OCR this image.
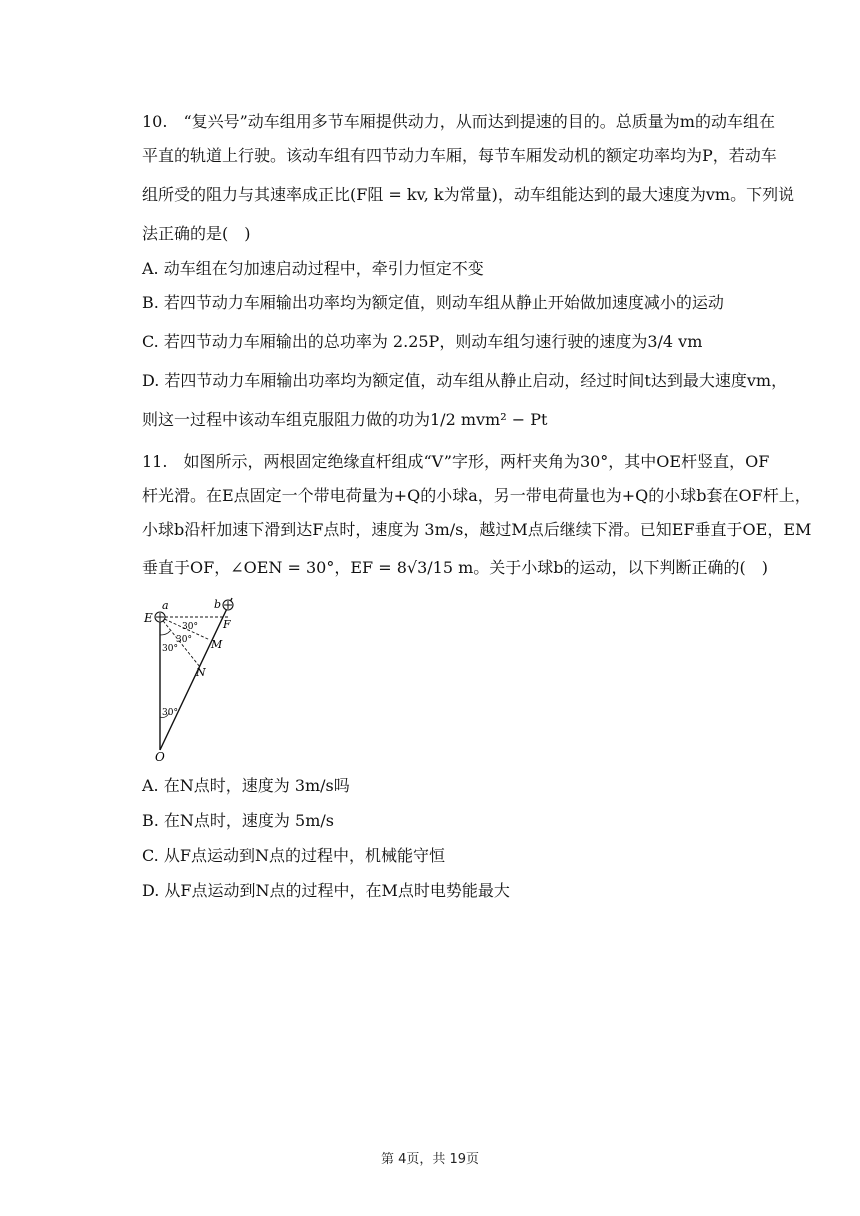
10.　“复兴号”动车组用多节车厢提供动力，从而达到提速的目的。总质量为m的动车组在
平直的轨道上行驶。该动车组有四节动力车厢，每节车厢发动机的额定功率均为P，若动车
组所受的阻力与其速率成正比(F阻 = kv, k为常量)，动车组能达到的最大速度为vm。下列说
法正确的是(　)
A. 动车组在匀加速启动过程中，牵引力恒定不变
B. 若四节动力车厢输出功率均为额定值，则动车组从静止开始做加速度减小的运动
C. 若四节动力车厢输出的总功率为 2.25P，则动车组匀速行驶的速度为3/4 vm
D. 若四节动力车厢输出功率均为额定值，动车组从静止启动，经过时间t达到最大速度vm，
则这一过程中该动车组克服阻力做的功为1/2 mvm² − Pt
11.　如图所示，两根固定绝缘直杆组成“V”字形，两杆夹角为30°，其中OE杆竖直，OF
杆光滑。在E点固定一个带电荷量为+Q的小球a，另一带电荷量也为+Q的小球b套在OF杆上，
小球b沿杆加速下滑到达F点时，速度为 3m/s，越过M点后继续下滑。已知EF垂直于OE，EM
垂直于OF，∠OEN = 30°，EF = 8√3/15 m。关于小球b的运动，以下判断正确的(　)
E
a	b
F
M
N
O
30°
30°
30°
30°
A. 在N点时，速度为 3m/s吗
B. 在N点时，速度为 5m/s
C. 从F点运动到N点的过程中，机械能守恒
D. 从F点运动到N点的过程中，在M点时电势能最大
第 4页，共 19页
